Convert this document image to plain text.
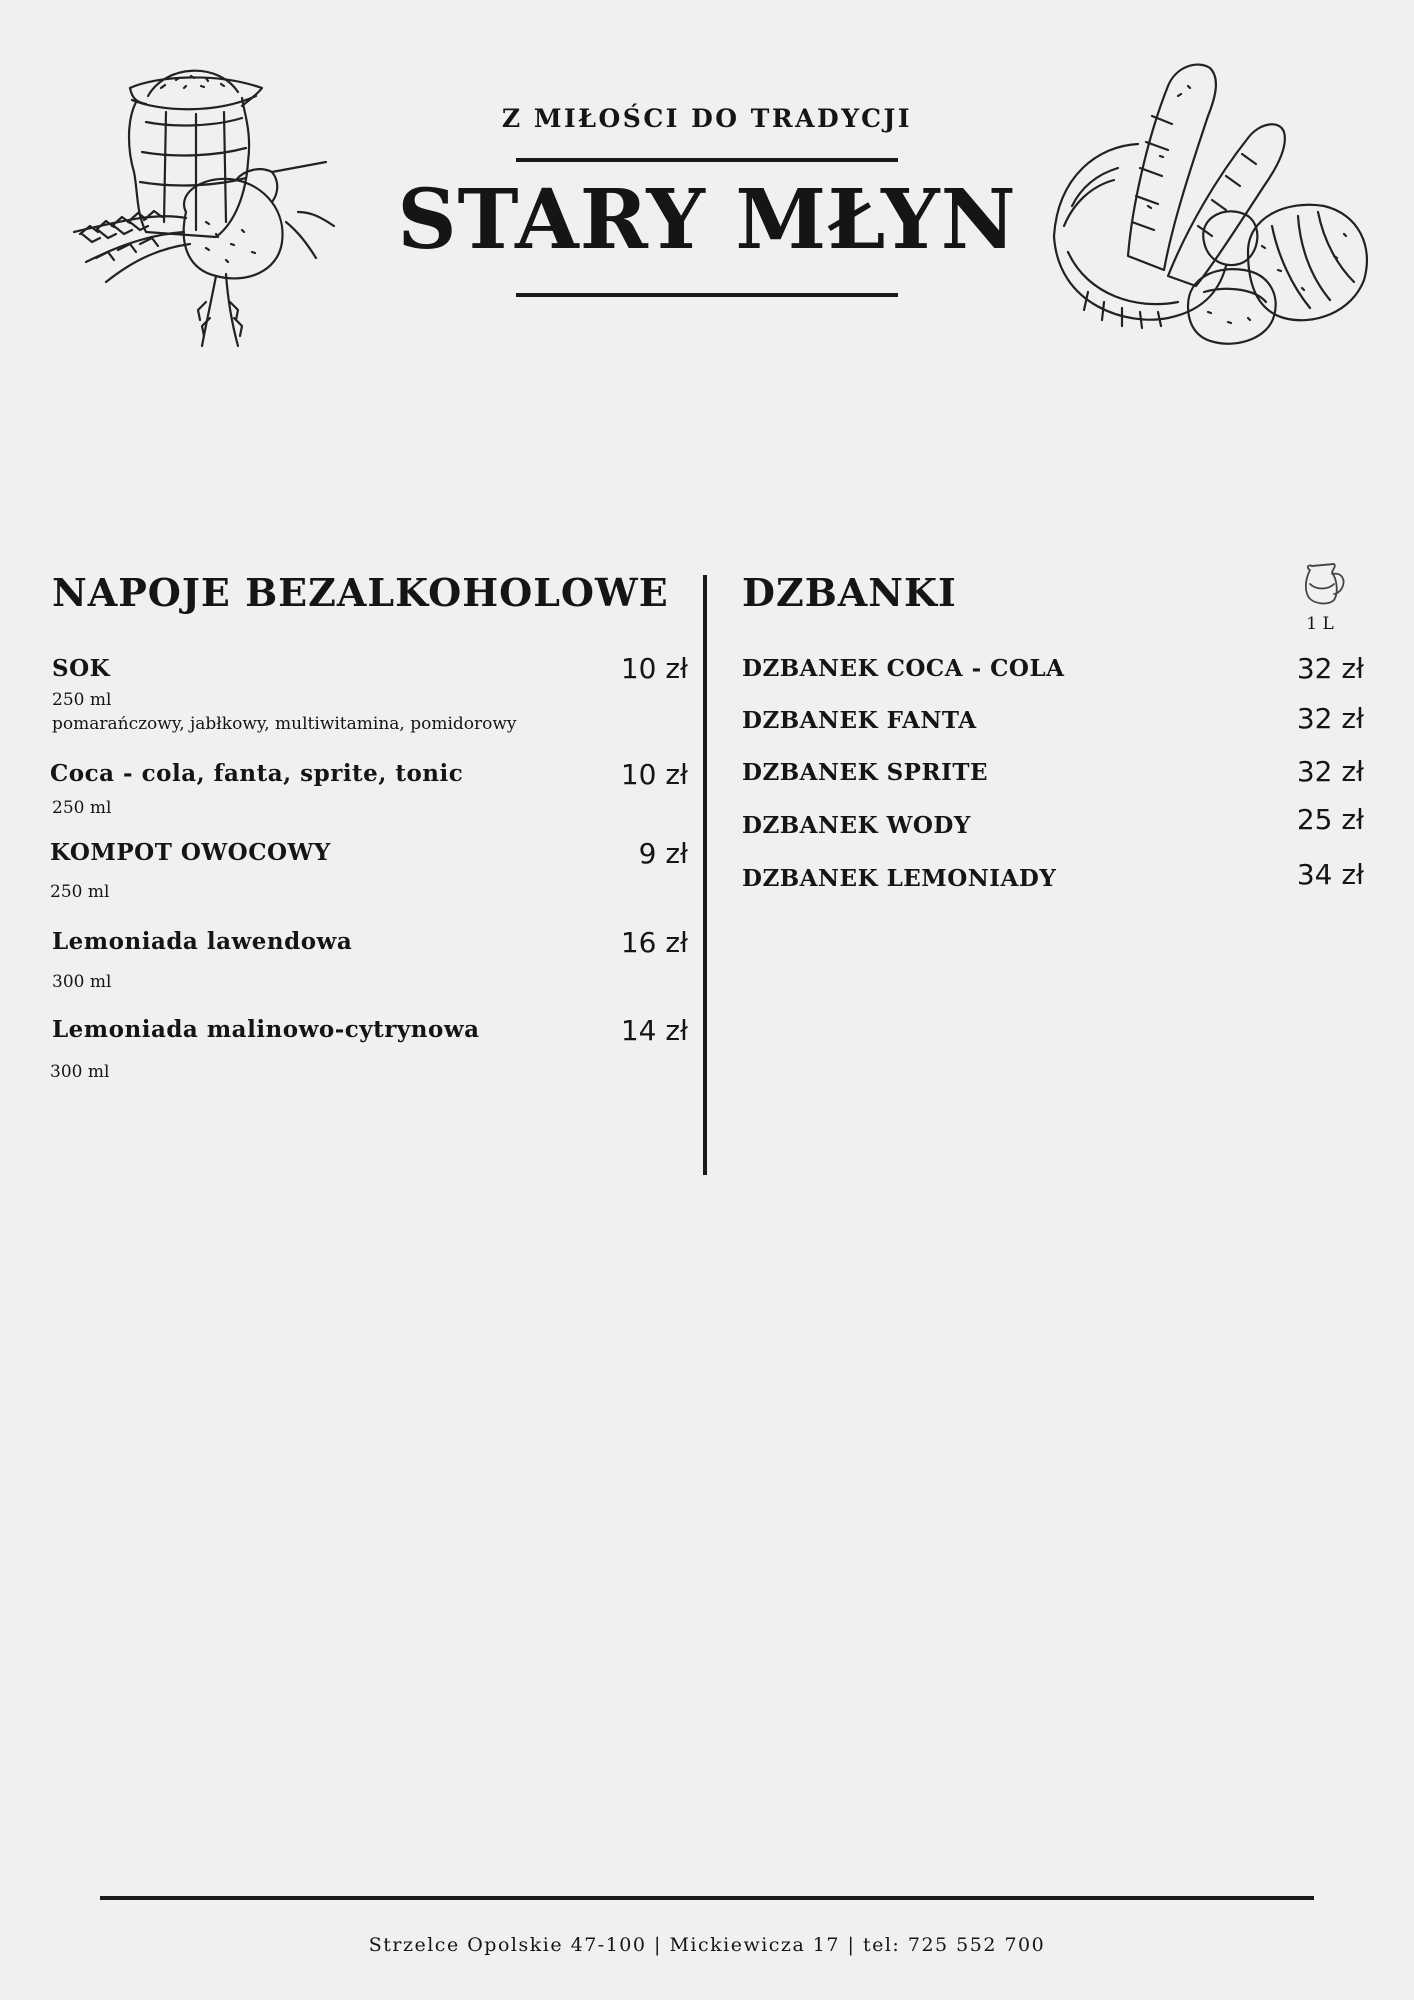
Z MIŁOŚCI DO TRADYCJI
STARY MŁYN
NAPOJE BEZALKOHOLOWE
SOK	10 zł
250 ml
pomarańczowy, jabłkowy, multiwitamina, pomidorowy
Coca - cola, fanta, sprite, tonic	10 zł
250 ml
KOMPOT OWOCOWY	9 zł
250 ml
Lemoniada lawendowa	16 zł
300 ml
Lemoniada malinowo-cytrynowa	14 zł
300 ml
DZBANKI
1 L
DZBANEK COCA - COLA	32 zł
DZBANEK FANTA	32 zł
DZBANEK SPRITE	32 zł
DZBANEK WODY	25 zł
DZBANEK LEMONIADY	34 zł
Strzelce Opolskie 47-100 | Mickiewicza 17 | tel: 725 552 700
